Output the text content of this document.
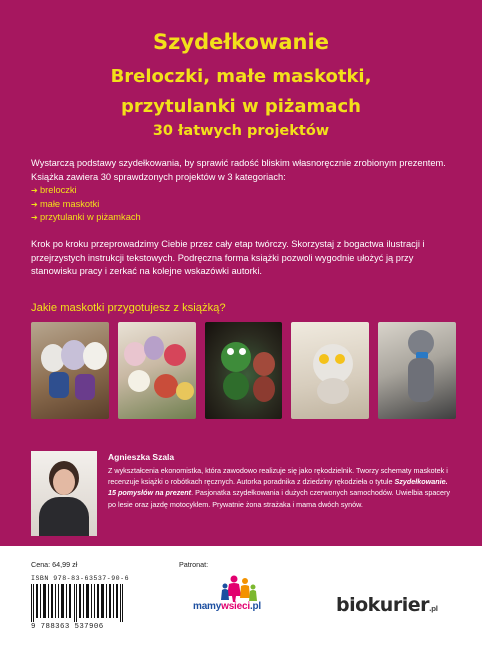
Szydełkowanie
Breloczki, małe maskotki,
przytulanki w piżamach
30 łatwych projektów

Wystarczą podstawy szydełkowania, by sprawić radość bliskim własnoręcznie zrobionym prezentem. Książka zawiera 30 sprawdzonych projektów w 3 kategoriach:

➔ breloczki
➔ małe maskotki
➔ przytulanki w piżamkach

Krok po kroku przeprowadzimy Ciebie przez cały etap twórczy. Skorzystaj z bogactwa ilustracji i przejrzystych instrukcji tekstowych. Podręczna forma książki pozwoli wygodnie ułożyć ją przy stanowisku pracy i zerkać na kolejne wskazówki autorki.

Jakie maskotki przygotujesz z książką?
Agnieszka Szala

Z wykształcenia ekonomistka, która zawodowo realizuje się jako rękodzielnik. Tworzy schematy maskotek i recenzuje książki o robótkach ręcznych. Autorka poradnika z dziedziny rękodzieła o tytule Szydełkowanie. 15 pomysłów na prezent. Pasjonatka szydełkowania i dużych czerwonych samochodów. Uwielbia spacery po lesie oraz jazdę motocyklem. Prywatnie żona strażaka i mama dwóch synów.

Cena: 64,99 zł
ISBN 978-83-63537-90-6
9 788363 537906
Patronat:
mamywsieci.pl	biokurier.pl
